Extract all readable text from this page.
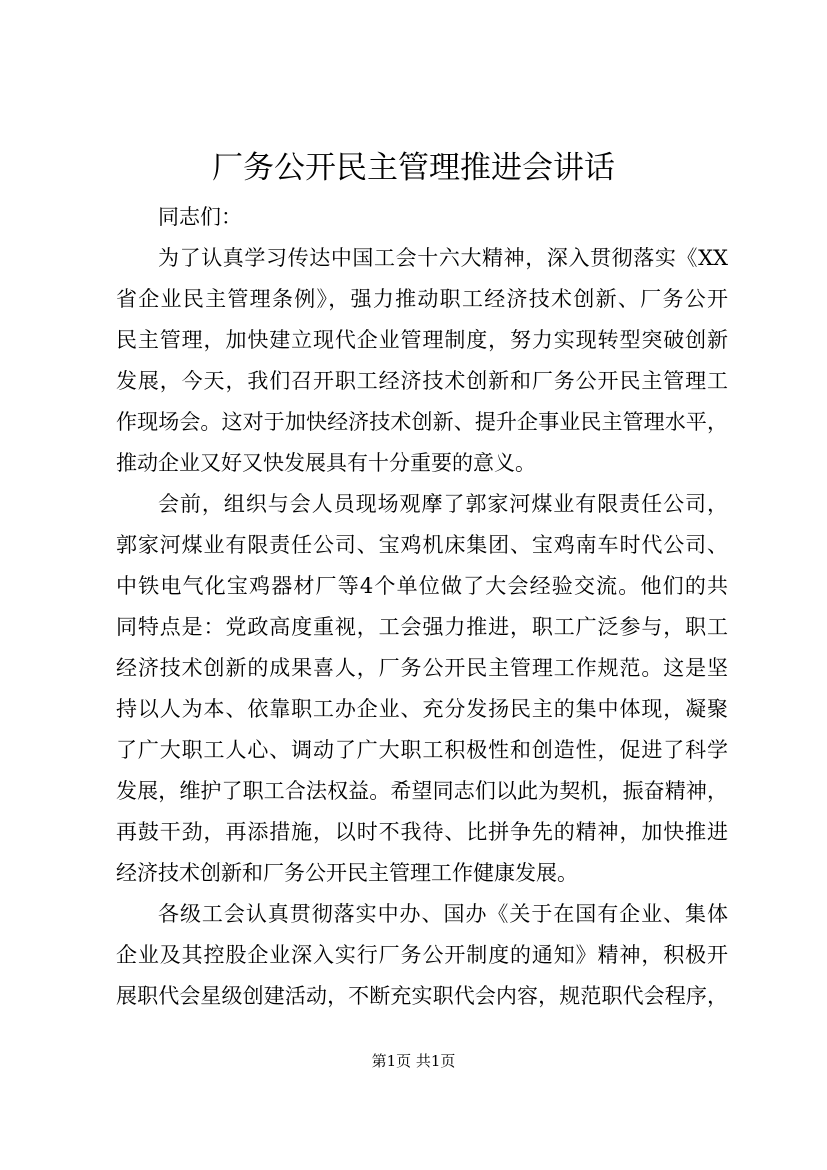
厂务公开民主管理推进会讲话
同志们：
为了认真学习传达中国工会十六大精神，深入贯彻落实《XX
省企业民主管理条例》，强力推动职工经济技术创新、厂务公开
民主管理，加快建立现代企业管理制度，努力实现转型突破创新
发展，今天，我们召开职工经济技术创新和厂务公开民主管理工
作现场会。这对于加快经济技术创新、提升企事业民主管理水平，
推动企业又好又快发展具有十分重要的意义。
会前，组织与会人员现场观摩了郭家河煤业有限责任公司，
郭家河煤业有限责任公司、宝鸡机床集团、宝鸡南车时代公司、
中铁电气化宝鸡器材厂等4个单位做了大会经验交流。他们的共
同特点是：党政高度重视，工会强力推进，职工广泛参与，职工
经济技术创新的成果喜人，厂务公开民主管理工作规范。这是坚
持以人为本、依靠职工办企业、充分发扬民主的集中体现，凝聚
了广大职工人心、调动了广大职工积极性和创造性，促进了科学
发展，维护了职工合法权益。希望同志们以此为契机，振奋精神，
再鼓干劲，再添措施，以时不我待、比拼争先的精神，加快推进
经济技术创新和厂务公开民主管理工作健康发展。
各级工会认真贯彻落实中办、国办《关于在国有企业、集体
企业及其控股企业深入实行厂务公开制度的通知》精神，积极开
展职代会星级创建活动，不断充实职代会内容，规范职代会程序，
第1页 共1页
